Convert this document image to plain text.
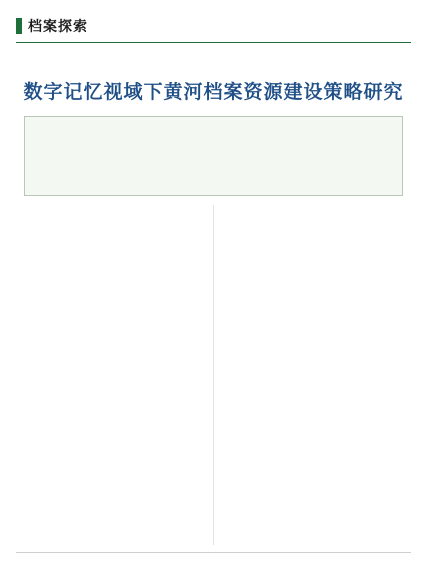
档案探索
数字记忆视域下黄河档案资源建设策略研究
